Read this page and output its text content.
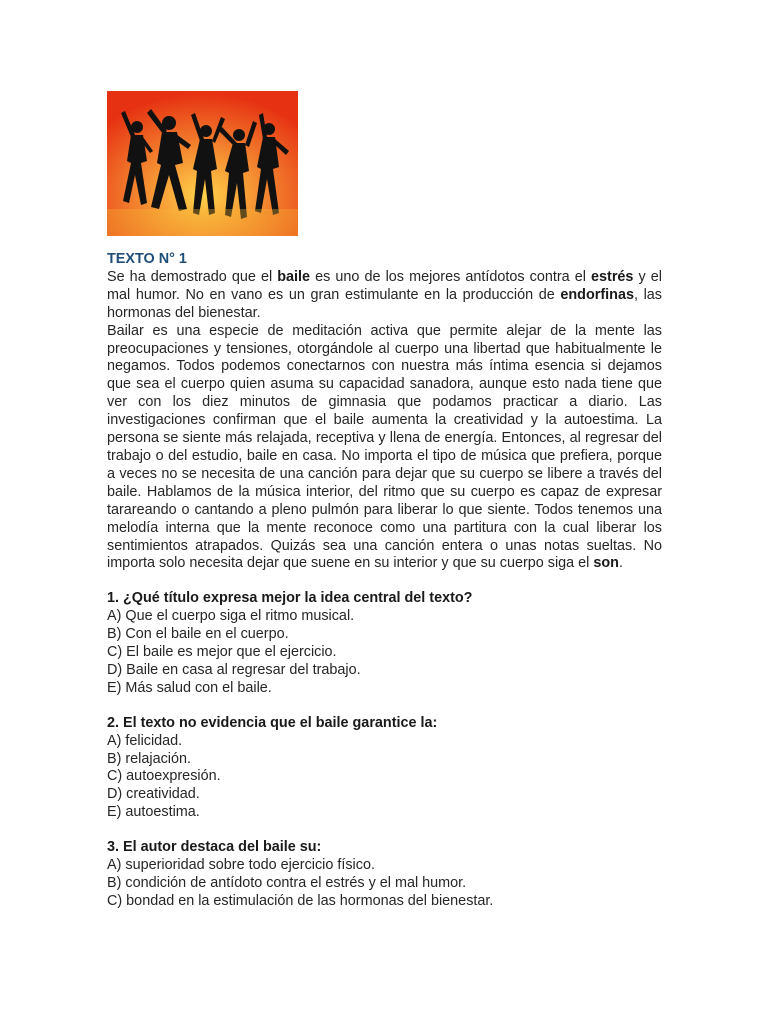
TEXTO N° 1

Se ha demostrado que el baile es uno de los mejores antídotos contra el estrés y el mal humor. No en vano es un gran estimulante en la producción de endorfinas, las hormonas del bienestar.

Bailar es una especie de meditación activa que permite alejar de la mente las preocupaciones y tensiones, otorgándole al cuerpo una libertad que habitualmente le negamos. Todos podemos conectarnos con nuestra más íntima esencia si dejamos que sea el cuerpo quien asuma su capacidad sanadora, aunque esto nada tiene que ver con los diez minutos de gimnasia que podamos practicar a diario. Las investigaciones confirman que el baile aumenta la creatividad y la autoestima. La persona se siente más relajada, receptiva y llena de energía. Entonces, al regresar del trabajo o del estudio, baile en casa. No importa el tipo de música que prefiera, porque a veces no se necesita de una canción para dejar que su cuerpo se libere a través del baile. Hablamos de la música interior, del ritmo que su cuerpo es capaz de expresar tarareando o cantando a pleno pulmón para liberar lo que siente. Todos tenemos una melodía interna que la mente reconoce como una partitura con la cual liberar los sentimientos atrapados. Quizás sea una canción entera o unas notas sueltas. No importa solo necesita dejar que suene en su interior y que su cuerpo siga el son.

1. ¿Qué título expresa mejor la idea central del texto?
A) Que el cuerpo siga el ritmo musical.
B) Con el baile en el cuerpo.
C) El baile es mejor que el ejercicio.
D) Baile en casa al regresar del trabajo.
E) Más salud con el baile.
2. El texto no evidencia que el baile garantice la:
A) felicidad.
B) relajación.
C) autoexpresión.
D) creatividad.
E) autoestima.
3. El autor destaca del baile su:
A) superioridad sobre todo ejercicio físico.
B) condición de antídoto contra el estrés y el mal humor.
C) bondad en la estimulación de las hormonas del bienestar.
